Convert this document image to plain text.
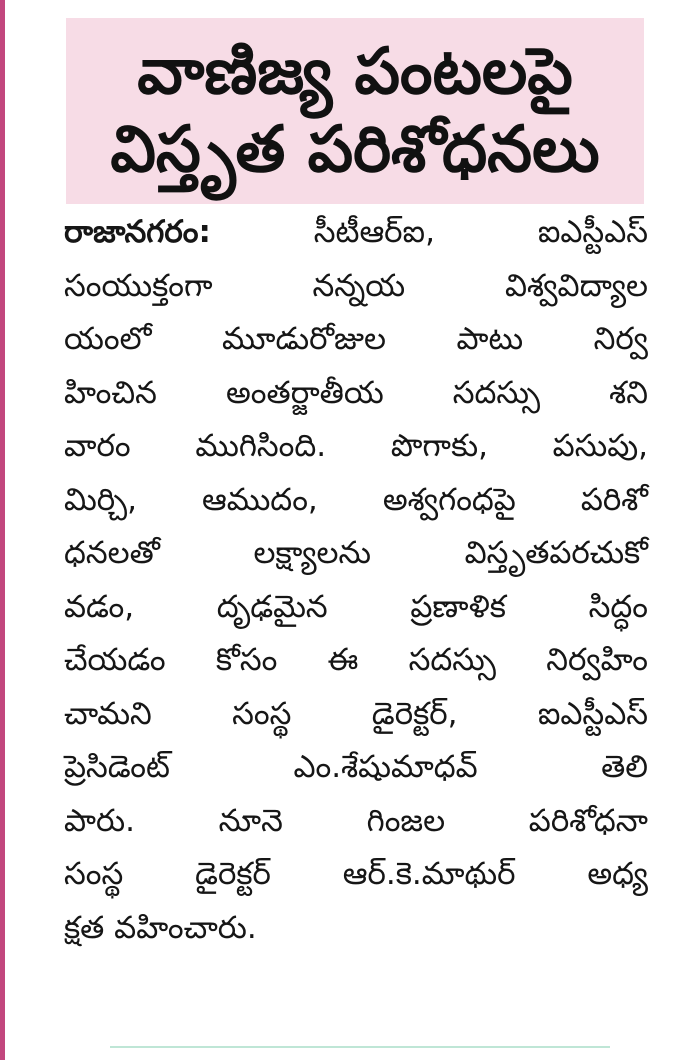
వాణిజ్య పంటలపై
విస్తృత పరిశోధనలు
రాజానగరం: సీటీఆర్ఐ, ఐఎస్టీఎస్
సంయుక్తంగా నన్నయ విశ్వవిద్యాల
యంలో మూడురోజుల పాటు నిర్వ
హించిన అంతర్జాతీయ సదస్సు శని
వారం ముగిసింది. పొగాకు, పసుపు,
మిర్చి, ఆముదం, అశ్వగంధపై పరిశో
ధనలతో లక్ష్యాలను విస్తృతపరచుకో
వడం, దృఢమైన ప్రణాళిక సిద్ధం
చేయడం కోసం ఈ సదస్సు నిర్వహిం
చామని సంస్థ డైరెక్టర్, ఐఎస్టీఎస్
ప్రెసిడెంట్ ఎం.శేషుమాధవ్ తెలి
పారు. నూనె గింజల పరిశోధనా
సంస్థ డైరెక్టర్ ఆర్.కె.మాథుర్ అధ్య
క్షత వహించారు.
